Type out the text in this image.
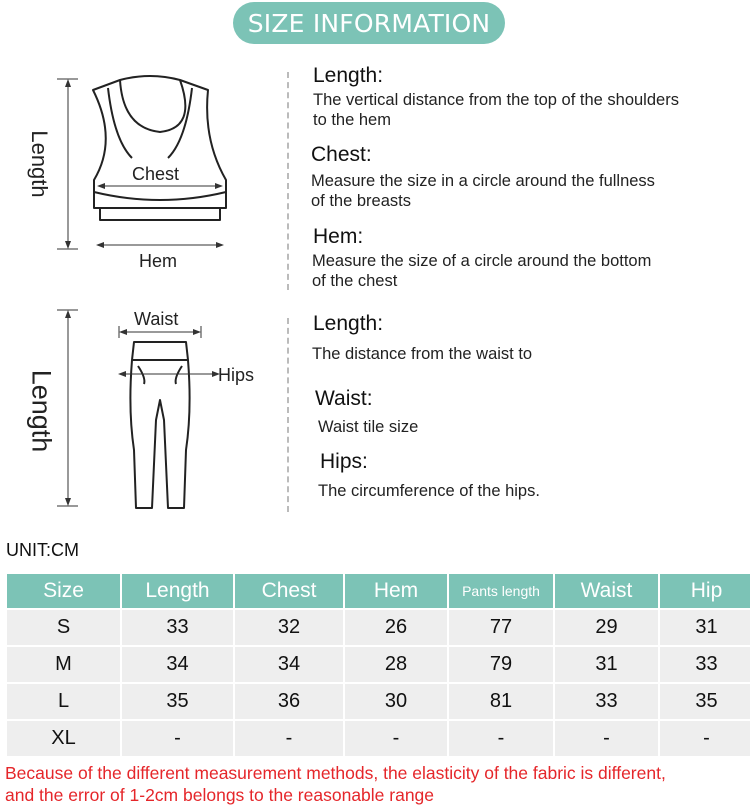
SIZE INFORMATION
Length	Chest
Hem
Length:
The vertical distance from the top of the shoulders
to the hem
Chest:
Measure the size in a circle around the fullness
of the breasts
Hem:
Measure the size of a circle around the bottom
of the chest
Length
Waist
Hips
Length:
The distance from the waist to
Waist:
Waist tile size
Hips:
The circumference of the hips.
UNIT:CM
Size	Length	Chest	Hem	Pants length	Waist	Hip
S	33	32	26	77	29	31
M	34	34	28	79	31	33
L	35	36	30	81	33	35
XL	-	-	-	-	-	-
Because of the different measurement methods, the elasticity of the fabric is different,
and the error of 1-2cm belongs to the reasonable range
